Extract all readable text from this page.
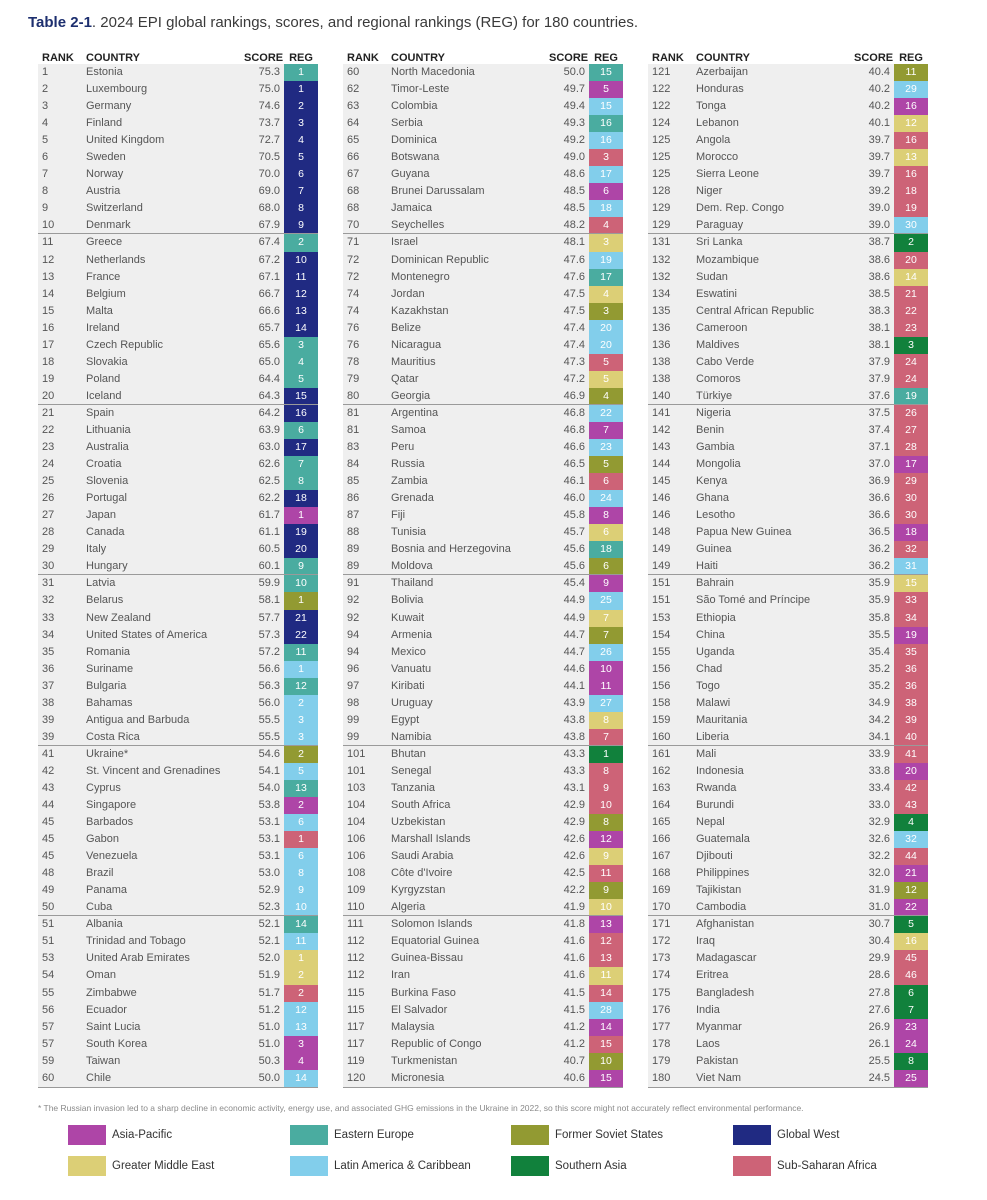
Table 2-1. 2024 EPI global rankings, scores, and regional rankings (REG) for 180 countries.
RANK	COUNTRY	SCORE REG
1	Estonia	75.3	1
2	Luxembourg	75.0	1
3	Germany	74.6	2
4	Finland	73.7	3
5	United Kingdom	72.7	4
6	Sweden	70.5	5
7	Norway	70.0	6
8	Austria	69.0	7
9	Switzerland	68.0	8
10	Denmark	67.9	9
11	Greece	67.4	2
12	Netherlands	67.2	10
13	France	67.1	11
14	Belgium	66.7	12
15	Malta	66.6	13
16	Ireland	65.7	14
17	Czech Republic	65.6	3
18	Slovakia	65.0	4
19	Poland	64.4	5
20	Iceland	64.3	15
21	Spain	64.2	16
22	Lithuania	63.9	6
23	Australia	63.0	17
24	Croatia	62.6	7
25	Slovenia	62.5	8
26	Portugal	62.2	18
27	Japan	61.7	1
28	Canada	61.1	19
29	Italy	60.5	20
30	Hungary	60.1	9
31	Latvia	59.9	10
32	Belarus	58.1	1
33	New Zealand	57.7	21
34	United States of America	57.3	22
35	Romania	57.2	11
36	Suriname	56.6	1
37	Bulgaria	56.3	12
38	Bahamas	56.0	2
39	Antigua and Barbuda	55.5	3
39	Costa Rica	55.5	3
41	Ukraine*	54.6	2
42	St. Vincent and Grenadines	54.1	5
43	Cyprus	54.0	13
44	Singapore	53.8	2
45	Barbados	53.1	6
45	Gabon	53.1	1
45	Venezuela	53.1	6
48	Brazil	53.0	8
49	Panama	52.9	9
50	Cuba	52.3	10
51	Albania	52.1	14
51	Trinidad and Tobago	52.1	11
53	United Arab Emirates	52.0	1
54	Oman	51.9	2
55	Zimbabwe	51.7	2
56	Ecuador	51.2	12
57	Saint Lucia	51.0	13
57	South Korea	51.0	3
59	Taiwan	50.3	4
60	Chile	50.0	14
RANK	COUNTRY	SCORE REG
60	North Macedonia	50.0	15
62	Timor-Leste	49.7	5
63	Colombia	49.4	15
64	Serbia	49.3	16
65	Dominica	49.2	16
66	Botswana	49.0	3
67	Guyana	48.6	17
68	Brunei Darussalam	48.5	6
68	Jamaica	48.5	18
70	Seychelles	48.2	4
71	Israel	48.1	3
72	Dominican Republic	47.6	19
72	Montenegro	47.6	17
74	Jordan	47.5	4
74	Kazakhstan	47.5	3
76	Belize	47.4	20
76	Nicaragua	47.4	20
78	Mauritius	47.3	5
79	Qatar	47.2	5
80	Georgia	46.9	4
81	Argentina	46.8	22
81	Samoa	46.8	7
83	Peru	46.6	23
84	Russia	46.5	5
85	Zambia	46.1	6
86	Grenada	46.0	24
87	Fiji	45.8	8
88	Tunisia	45.7	6
89	Bosnia and Herzegovina	45.6	18
89	Moldova	45.6	6
91	Thailand	45.4	9
92	Bolivia	44.9	25
92	Kuwait	44.9	7
94	Armenia	44.7	7
94	Mexico	44.7	26
96	Vanuatu	44.6	10
97	Kiribati	44.1	11
98	Uruguay	43.9	27
99	Egypt	43.8	8
99	Namibia	43.8	7
101	Bhutan	43.3	1
101	Senegal	43.3	8
103	Tanzania	43.1	9
104	South Africa	42.9	10
104	Uzbekistan	42.9	8
106	Marshall Islands	42.6	12
106	Saudi Arabia	42.6	9
108	Côte d'Ivoire	42.5	11
109	Kyrgyzstan	42.2	9
110	Algeria	41.9	10
111	Solomon Islands	41.8	13
112	Equatorial Guinea	41.6	12
112	Guinea-Bissau	41.6	13
112	Iran	41.6	11
115	Burkina Faso	41.5	14
115	El Salvador	41.5	28
117	Malaysia	41.2	14
117	Republic of Congo	41.2	15
119	Turkmenistan	40.7	10
120	Micronesia	40.6	15
RANK	COUNTRY	SCORE REG
121	Azerbaijan	40.4	11
122	Honduras	40.2	29
122	Tonga	40.2	16
124	Lebanon	40.1	12
125	Angola	39.7	16
125	Morocco	39.7	13
125	Sierra Leone	39.7	16
128	Niger	39.2	18
129	Dem. Rep. Congo	39.0	19
129	Paraguay	39.0	30
131	Sri Lanka	38.7	2
132	Mozambique	38.6	20
132	Sudan	38.6	14
134	Eswatini	38.5	21
135	Central African Republic	38.3	22
136	Cameroon	38.1	23
136	Maldives	38.1	3
138	Cabo Verde	37.9	24
138	Comoros	37.9	24
140	Türkiye	37.6	19
141	Nigeria	37.5	26
142	Benin	37.4	27
143	Gambia	37.1	28
144	Mongolia	37.0	17
145	Kenya	36.9	29
146	Ghana	36.6	30
146	Lesotho	36.6	30
148	Papua New Guinea	36.5	18
149	Guinea	36.2	32
149	Haiti	36.2	31
151	Bahrain	35.9	15
151	São Tomé and Príncipe	35.9	33
153	Ethiopia	35.8	34
154	China	35.5	19
155	Uganda	35.4	35
156	Chad	35.2	36
156	Togo	35.2	36
158	Malawi	34.9	38
159	Mauritania	34.2	39
160	Liberia	34.1	40
161	Mali	33.9	41
162	Indonesia	33.8	20
163	Rwanda	33.4	42
164	Burundi	33.0	43
165	Nepal	32.9	4
166	Guatemala	32.6	32
167	Djibouti	32.2	44
168	Philippines	32.0	21
169	Tajikistan	31.9	12
170	Cambodia	31.0	22
171	Afghanistan	30.7	5
172	Iraq	30.4	16
173	Madagascar	29.9	45
174	Eritrea	28.6	46
175	Bangladesh	27.8	6
176	India	27.6	7
177	Myanmar	26.9	23
178	Laos	26.1	24
179	Pakistan	25.5	8
180	Viet Nam	24.5	25
* The Russian invasion led to a sharp decline in economic activity, energy use, and associated GHG emissions in the Ukraine in 2022, so this score might not accurately reflect environmental performance.
Asia-Pacific	Eastern Europe	Former Soviet States	Global West
Greater Middle East	Latin America & Caribbean	Southern Asia	Sub-Saharan Africa
